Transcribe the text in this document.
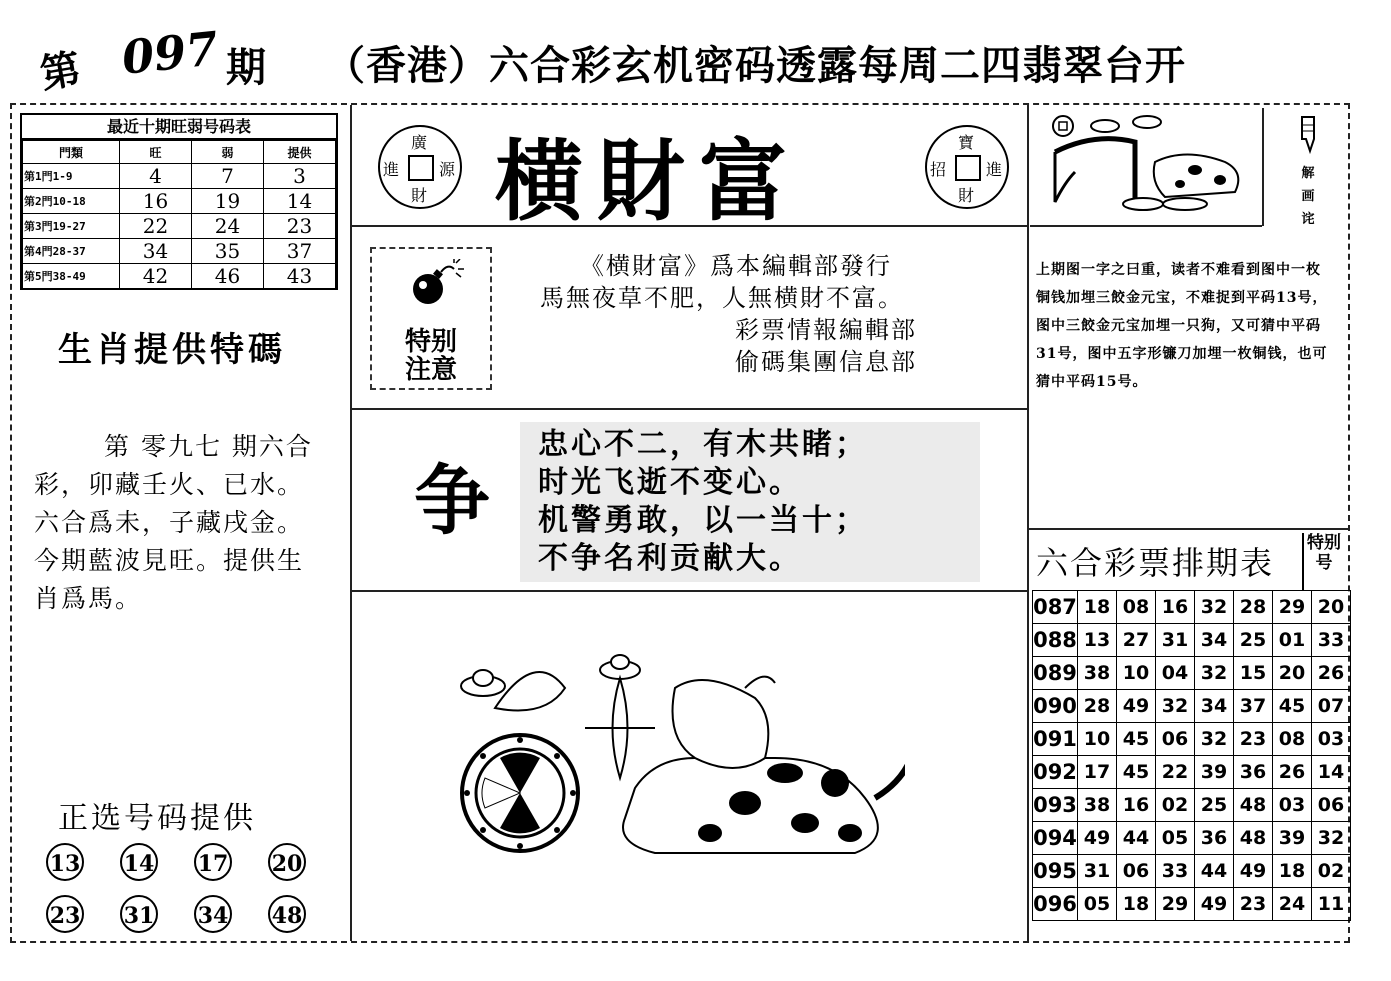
第 097 期 （香港）六合彩玄机密码透露每周二四翡翠台开
最近十期旺弱号码表
門類	旺	弱	提供
第1門1-9	4	7	3
第2門10-18	16	19	14
第3門19-27	22	24	23
第4門28-37	34	35	37
第5門38-49	42	46	43
生肖提供特碼
第 零九七 期六合彩，卯藏壬火、已水。六合爲未，子藏戌金。今期藍波見旺。提供生肖爲馬。
正选号码提供
13 14 17 20
23 31 34 48
廣
進 源
財 横財富	寶
招 進
財
特别
注意
《横財富》爲本編輯部發行
馬無夜草不肥，人無横財不富。
彩票情報編輯部
偷碼集團信息部
争
忠心不二，有木共睹；
时光飞逝不变心。
机警勇敢，以一当十；
不争名利贡献大。
解画诧
上期图一字之曰重，读者不难看到图中一枚铜钱加埋三餃金元宝，不难捉到平码13号，图中三餃金元宝加埋一只狗，又可猜中平码31号，图中五字形镰刀加埋一枚铜钱，也可猜中平码15号。
六合彩票排期表
特别号
087	18	08	16	32	28	29	20
088	13	27	31	34	25	01	33
089	38	10	04	32	15	20	26
090	28	49	32	34	37	45	07
091	10	45	06	32	23	08	03
092	17	45	22	39	36	26	14
093	38	16	02	25	48	03	06
094	49	44	05	36	48	39	32
095	31	06	33	44	49	18	02
096	05	18	29	49	23	24	11
